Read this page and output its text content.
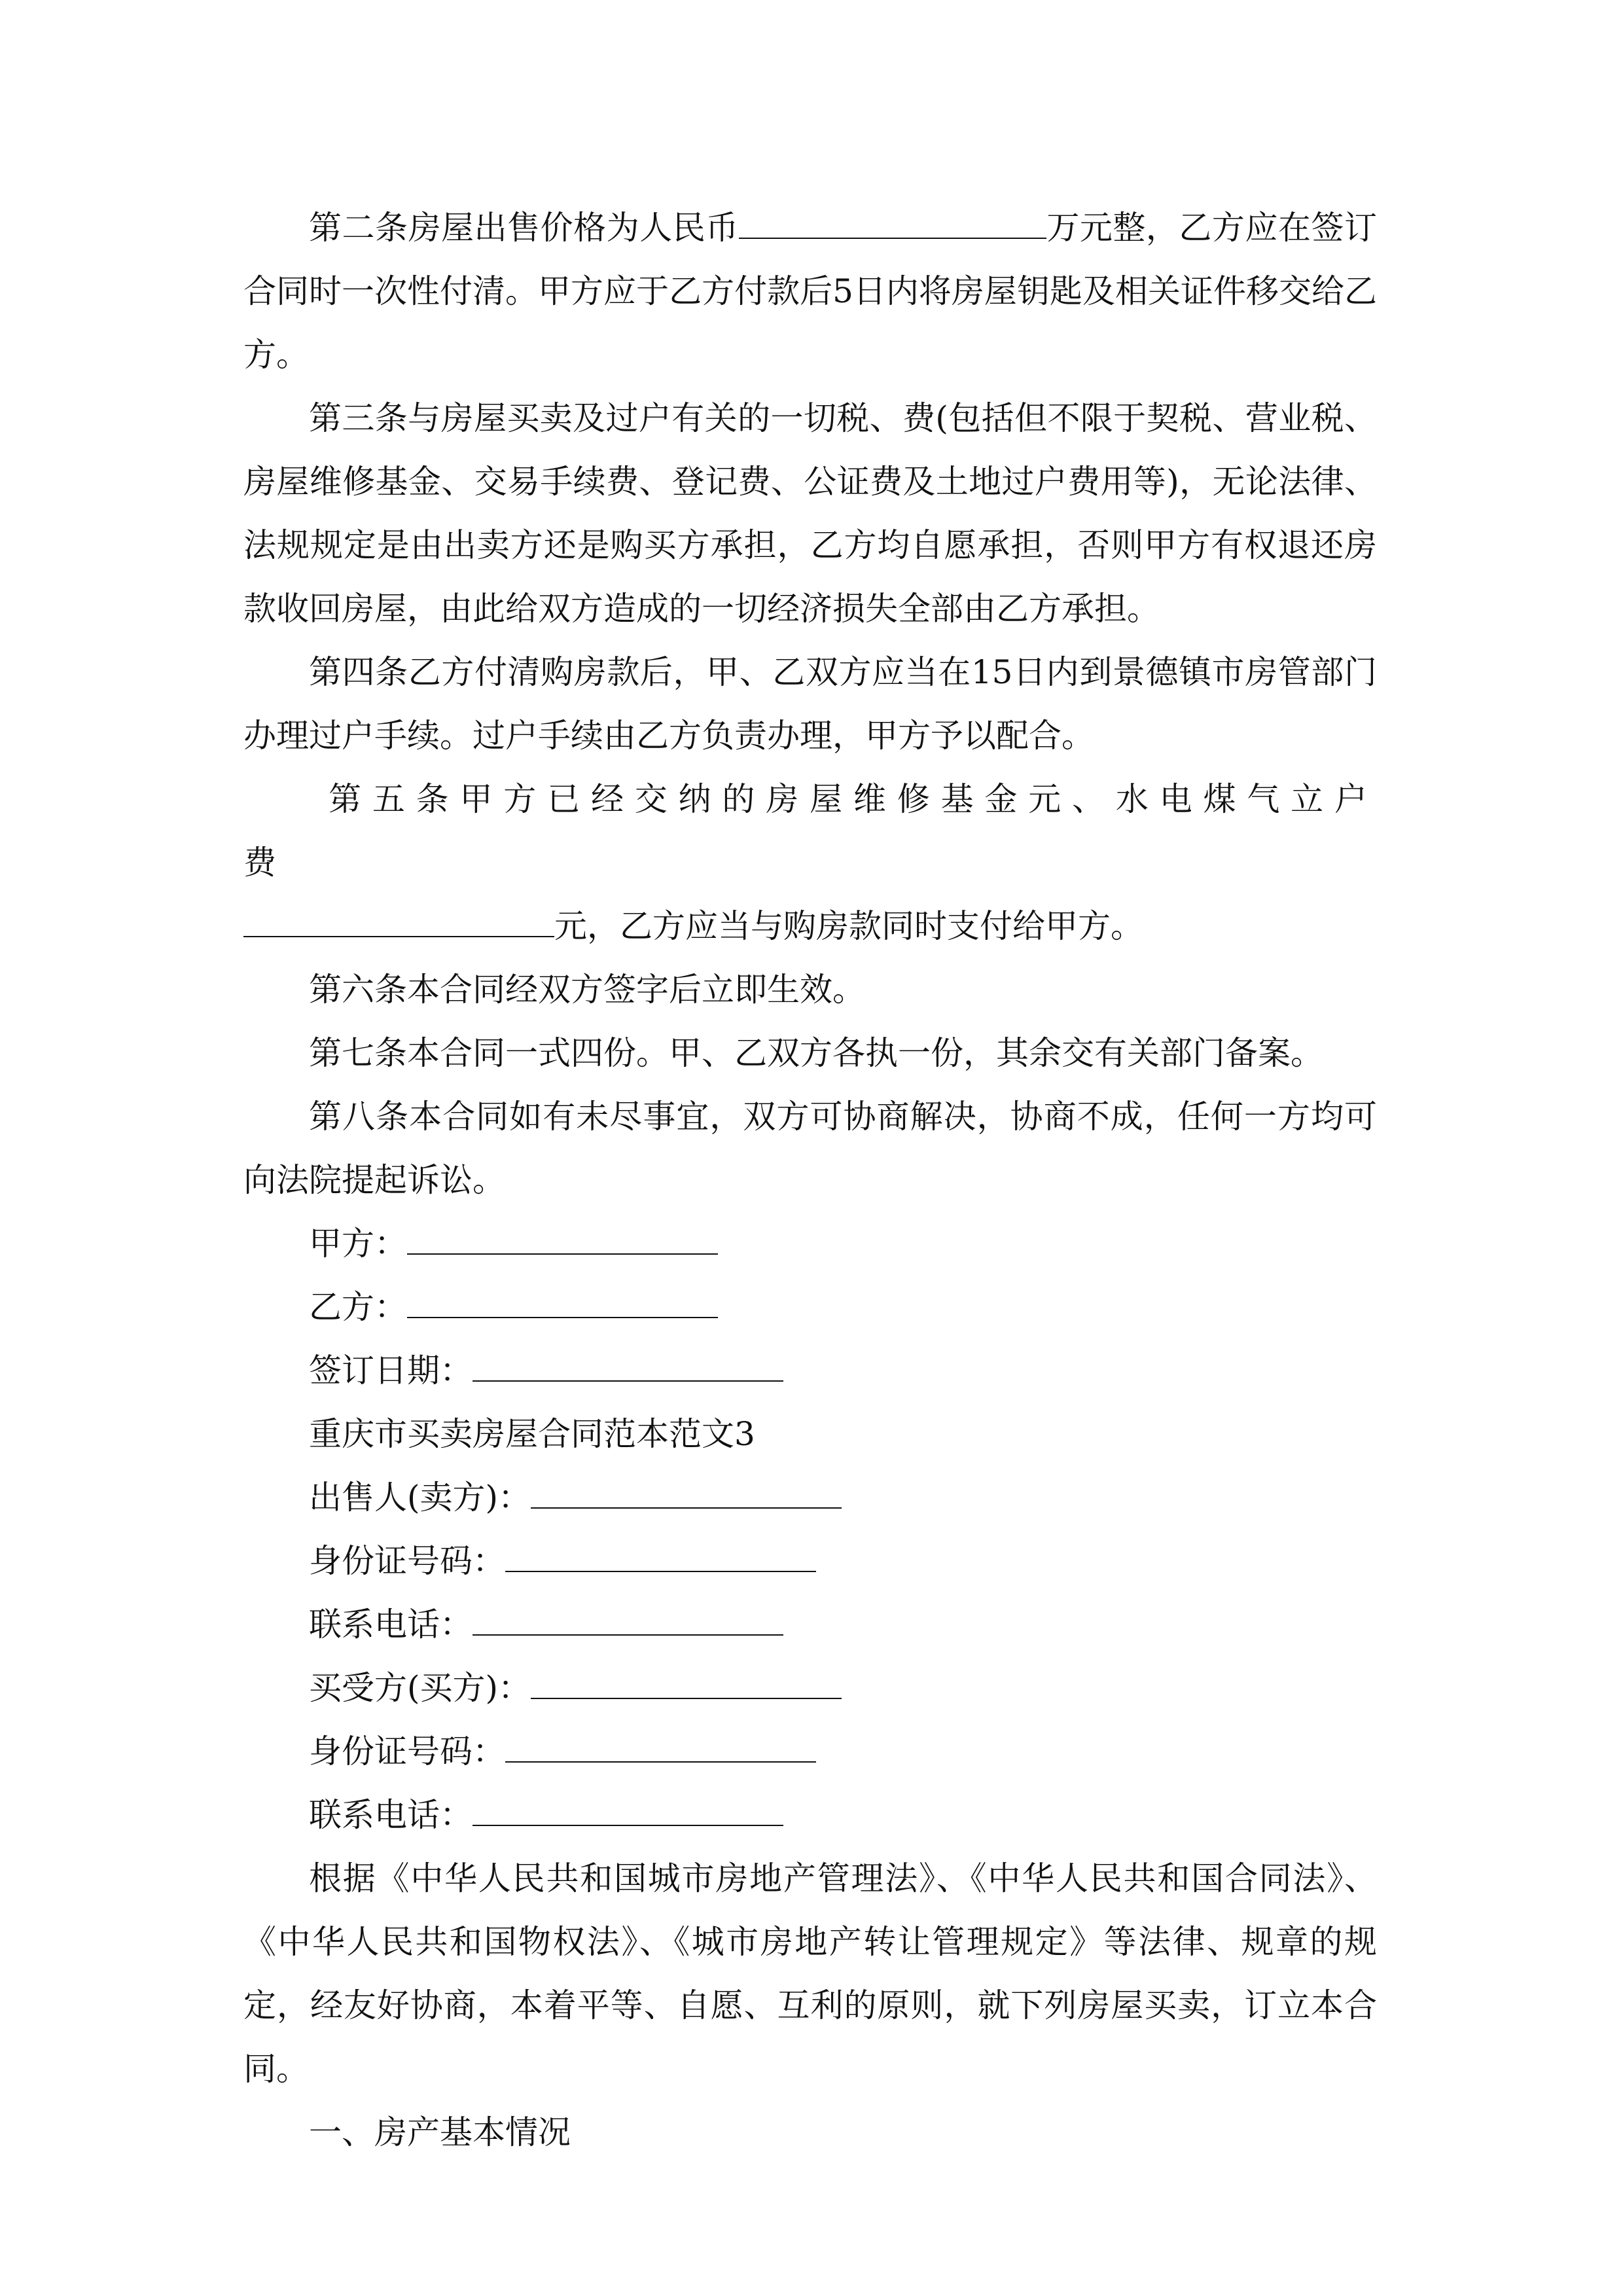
第二条房屋出售价格为人民币	万元整，乙方应在签订合同时一次性付清。甲方应于乙方付款后5日内将房屋钥匙及相关证件移交给乙方。

第三条与房屋买卖及过户有关的一切税、费(包括但不限于契税、营业税、房屋维修基金、交易手续费、登记费、公证费及土地过户费用等)，无论法律、法规规定是由出卖方还是购买方承担，乙方均自愿承担，否则甲方有权退还房款收回房屋，由此给双方造成的一切经济损失全部由乙方承担。

第四条乙方付清购房款后，甲、乙双方应当在15日内到景德镇市房管部门办理过户手续。过户手续由乙方负责办理，甲方予以配合。

第五条甲方已经交纳的房屋维修基金元、水电煤气立户费

元，乙方应当与购房款同时支付给甲方。

第六条本合同经双方签字后立即生效。

第七条本合同一式四份。甲、乙双方各执一份，其余交有关部门备案。

第八条本合同如有未尽事宜，双方可协商解决，协商不成，任何一方均可向法院提起诉讼。

甲方：

乙方：

签订日期：

重庆市买卖房屋合同范本范文3

出售人(卖方)：

身份证号码：

联系电话：

买受方(买方)：

身份证号码：

联系电话：

根据《中华人民共和国城市房地产管理法》、《中华人民共和国合同法》、《中华人民共和国物权法》、《城市房地产转让管理规定》等法律、规章的规定，经友好协商，本着平等、自愿、互利的原则，就下列房屋买卖，订立本合同。

一、房产基本情况
